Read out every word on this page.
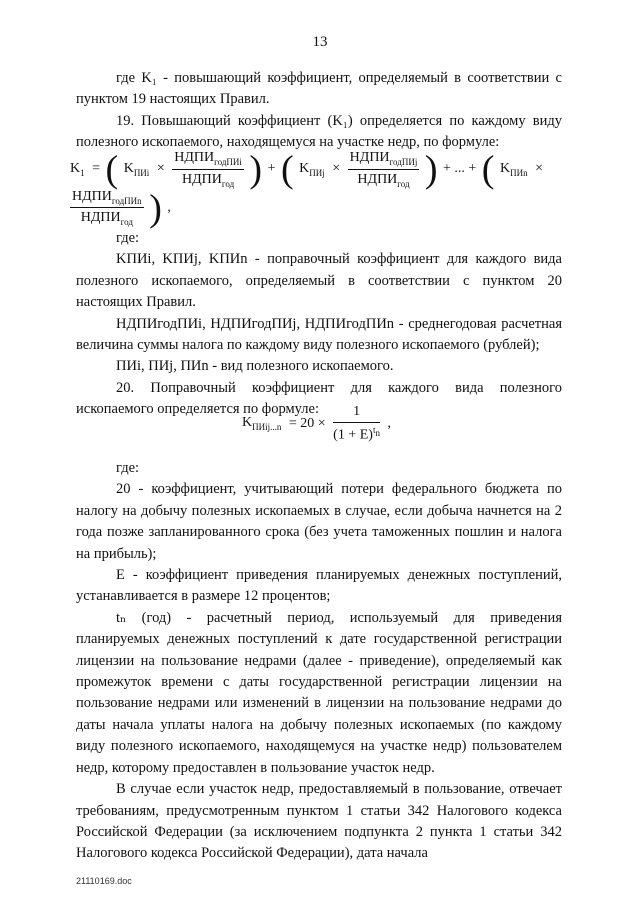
13

где K₁ - повышающий коэффициент, определяемый в соответствии с пунктом 19 настоящих Правил.

19. Повышающий коэффициент (K₁) определяется по каждому виду полезного ископаемого, находящемуся на участке недр, по формуле:

$K_1$ = ( $K_{ПИi} \times \frac{НДПИ_{годПИi}}{НДПИ_{год}}$ ) + ( $K_{ПИj} \times \frac{НДПИ_{годПИj}}{НДПИ_{год}}$ ) + ... + ( $K_{ПИn}$ ×
$\frac{НДПИ_{годПИn}}{НДПИ_{год}}$ ) ,

где:

KПИi, KПИj, KПИn - поправочный коэффициент для каждого вида полезного ископаемого, определяемый в соответствии с пунктом 20 настоящих Правил.

НДПИгодПИi, НДПИгодПИj, НДПИгодПИn - среднегодовая расчетная величина суммы налога по каждому виду полезного ископаемого (рублей);

ПИi, ПИj, ПИn - вид полезного ископаемого.

20. Поправочный коэффициент для каждого вида полезного ископаемого определяется по формуле:

$K_{ПИij...n} = 20 \times \frac{1}{(1 + E)^{t_n}}$ ,

где:

20 - коэффициент, учитывающий потери федерального бюджета по налогу на добычу полезных ископаемых в случае, если добыча начнется на 2 года позже запланированного срока (без учета таможенных пошлин и налога на прибыль);

E - коэффициент приведения планируемых денежных поступлений, устанавливается в размере 12 процентов;

tₙ (год) - расчетный период, используемый для приведения планируемых денежных поступлений к дате государственной регистрации лицензии на пользование недрами (далее - приведение), определяемый как промежуток времени с даты государственной регистрации лицензии на пользование недрами или изменений в лицензии на пользование недрами до даты начала уплаты налога на добычу полезных ископаемых (по каждому виду полезного ископаемого, находящемуся на участке недр) пользователем недр, которому предоставлен в пользование участок недр.

В случае если участок недр, предоставляемый в пользование, отвечает требованиям, предусмотренным пунктом 1 статьи 342 Налогового кодекса Российской Федерации (за исключением подпункта 2 пункта 1 статьи 342 Налогового кодекса Российской Федерации), дата начала

21110169.doc
